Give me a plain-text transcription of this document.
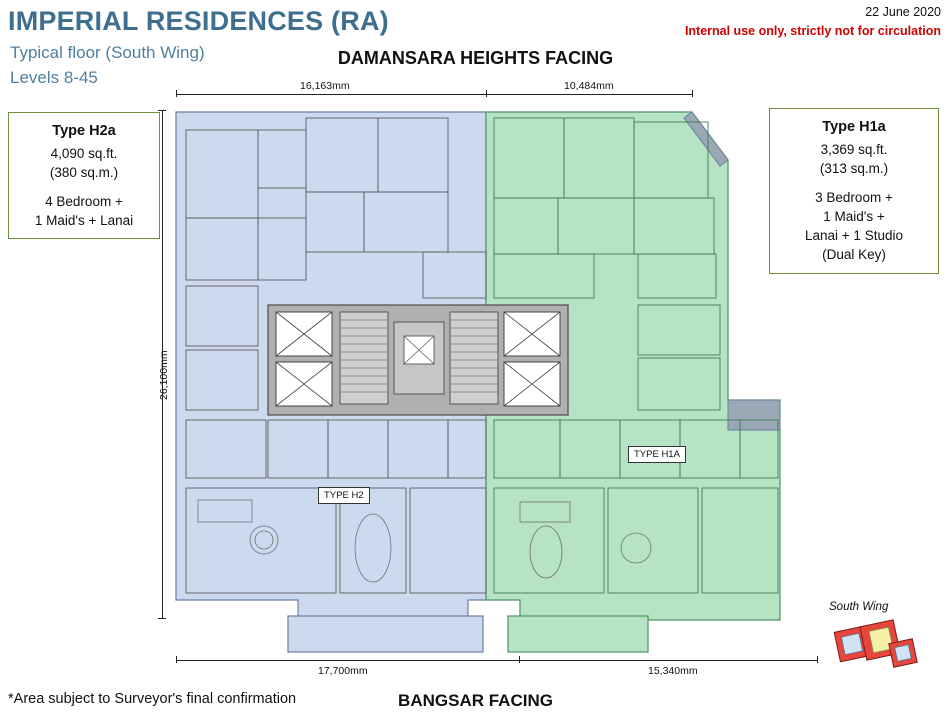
IMPERIAL RESIDENCES (RA)
Typical floor (South Wing)
Levels 8-45
22 June 2020
Internal use only, strictly not for circulation
DAMANSARA HEIGHTS FACING
BANGSAR FACING
*Area subject to Surveyor's final confirmation
Type H2a
4,090 sq.ft.
(380 sq.m.)
4 Bedroom +
1 Maid's + Lanai
Type H1a
3,369 sq.ft.
(313 sq.m.)
3 Bedroom +
1 Maid's +
Lanai + 1 Studio
(Dual Key)
16,163mm	10,484mm
26,100mm
17,700mm	15,340mm
TYPE H2
TYPE H1A
South Wing
